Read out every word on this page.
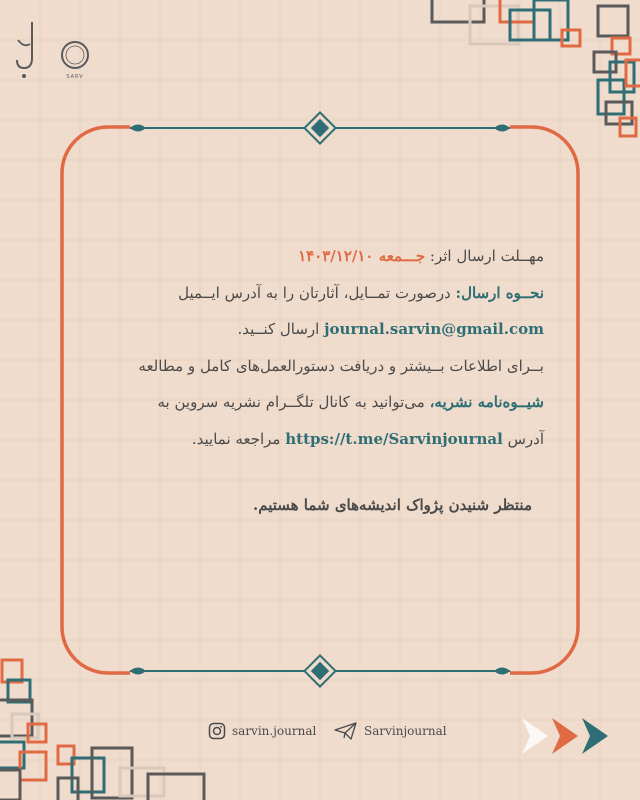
SARV
مهــلت ارسال اثر: جـــمعه ۱۴۰۳/۱۲/۱۰
نحــوه ارسال: درصورت تمــایل، آثارتان را به آدرس ایــمیل
journal.sarvin@gmail.com ارسال کنــید.
بــرای اطلاعات بــیشتر و دریافت دستورالعمل‌های کامل و مطالعه
شیــوه‌نامه نشریه، می‌توانید به کانال تلگــرام نشریه سروین به
آدرس https://t.me/Sarvinjournal مراجعه نمایید.
منتظر شنیدن پژواک اندیشه‌های شما هستیم.
sarvin.journal	Sarvinjournal
